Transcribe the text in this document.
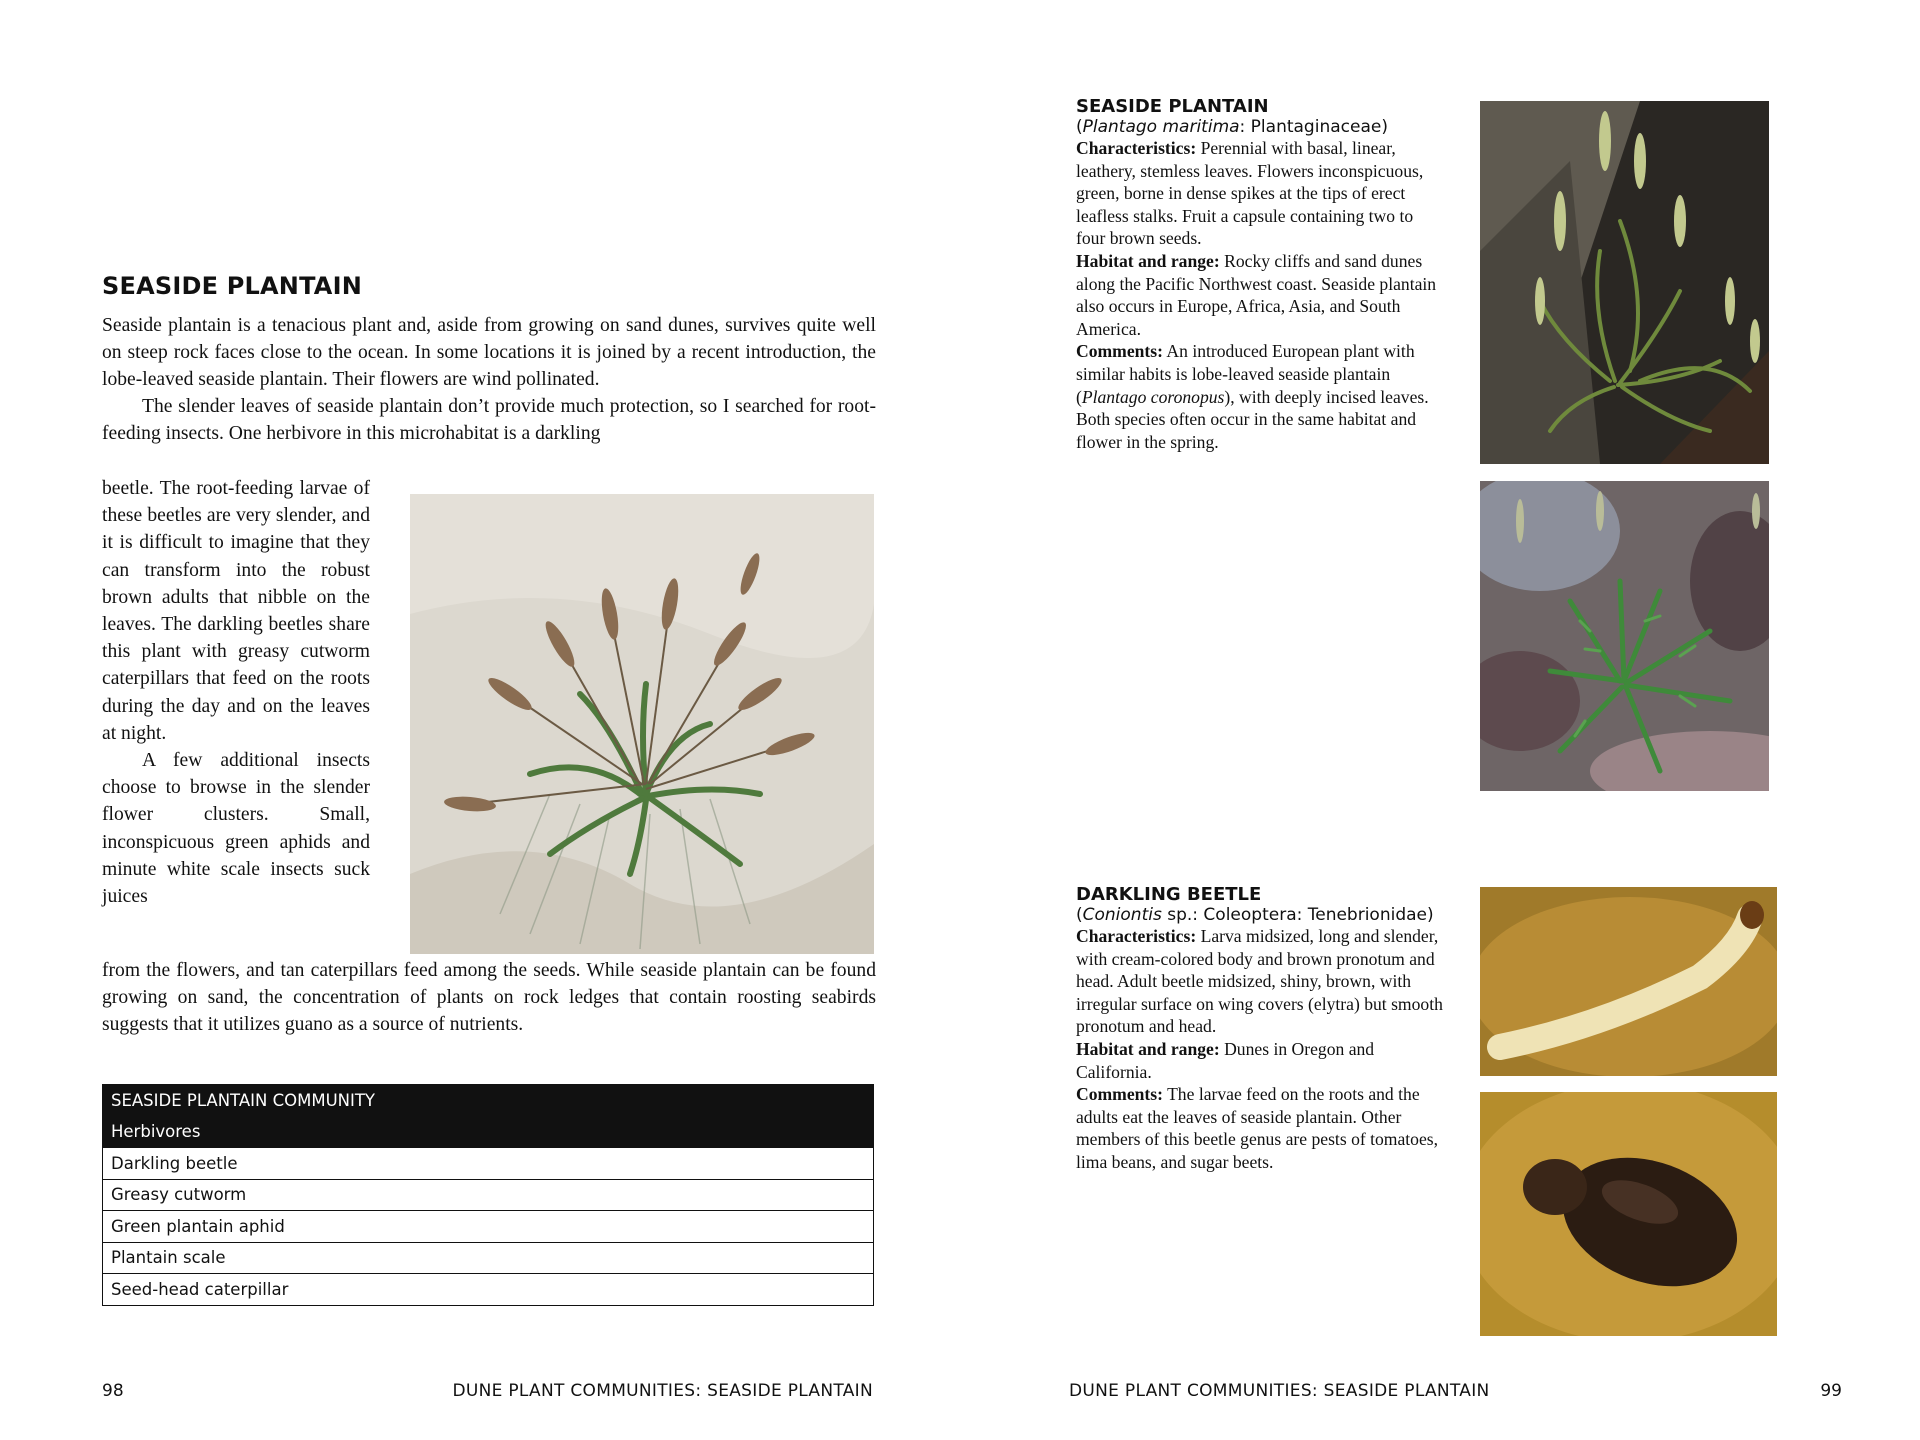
SEASIDE PLANTAIN

Seaside plantain is a tenacious plant and, aside from growing on sand dunes, survives quite well on steep rock faces close to the ocean. In some locations it is joined by a recent introduction, the lobe-leaved seaside plantain. Their flowers are wind pollinated.

The slender leaves of seaside plantain don’t provide much protection, so I searched for root-feeding insects. One herbivore in this microhabitat is a darkling

beetle. The root-feeding larvae of these beetles are very slender, and it is difficult to imagine that they can transform into the robust brown adults that nibble on the leaves. The darkling beetles share this plant with greasy cutworm caterpillars that feed on the roots during the day and on the leaves at night.

A few additional insects choose to browse in the slender flower clusters. Small, inconspicuous green aphids and minute white scale insects suck juices

from the flowers, and tan caterpillars feed among the seeds. While seaside plantain can be found growing on sand, the concentration of plants on rock ledges that contain roosting seabirds suggests that it utilizes guano as a source of nutrients.

SEASIDE PLANTAIN COMMUNITY
Herbivores
Darkling beetle
Greasy cutworm
Green plantain aphid
Plantain scale
Seed-head caterpillar
98	DUNE PLANT COMMUNITIES: SEASIDE PLANTAIN
SEASIDE PLANTAIN
(Plantago maritima: Plantaginaceae)
Characteristics: Perennial with basal, linear, leathery, stemless leaves. Flowers inconspicuous, green, borne in dense spikes at the tips of erect leafless stalks. Fruit a capsule containing two to four brown seeds.
Habitat and range: Rocky cliffs and sand dunes along the Pacific Northwest coast. Seaside plantain also occurs in Europe, Africa, Asia, and South America.
Comments: An introduced European plant with similar habits is lobe-leaved seaside plantain (Plantago coronopus), with deeply incised leaves. Both species often occur in the same habitat and flower in the spring.
DARKLING BEETLE
(Coniontis sp.: Coleoptera: Tenebrionidae)
Characteristics: Larva midsized, long and slender, with cream-colored body and brown pronotum and head. Adult beetle midsized, shiny, brown, with irregular surface on wing covers (elytra) but smooth pronotum and head.
Habitat and range: Dunes in Oregon and California.
Comments: The larvae feed on the roots and the adults eat the leaves of seaside plantain. Other members of this beetle genus are pests of tomatoes, lima beans, and sugar beets.
DUNE PLANT COMMUNITIES: SEASIDE PLANTAIN	99
